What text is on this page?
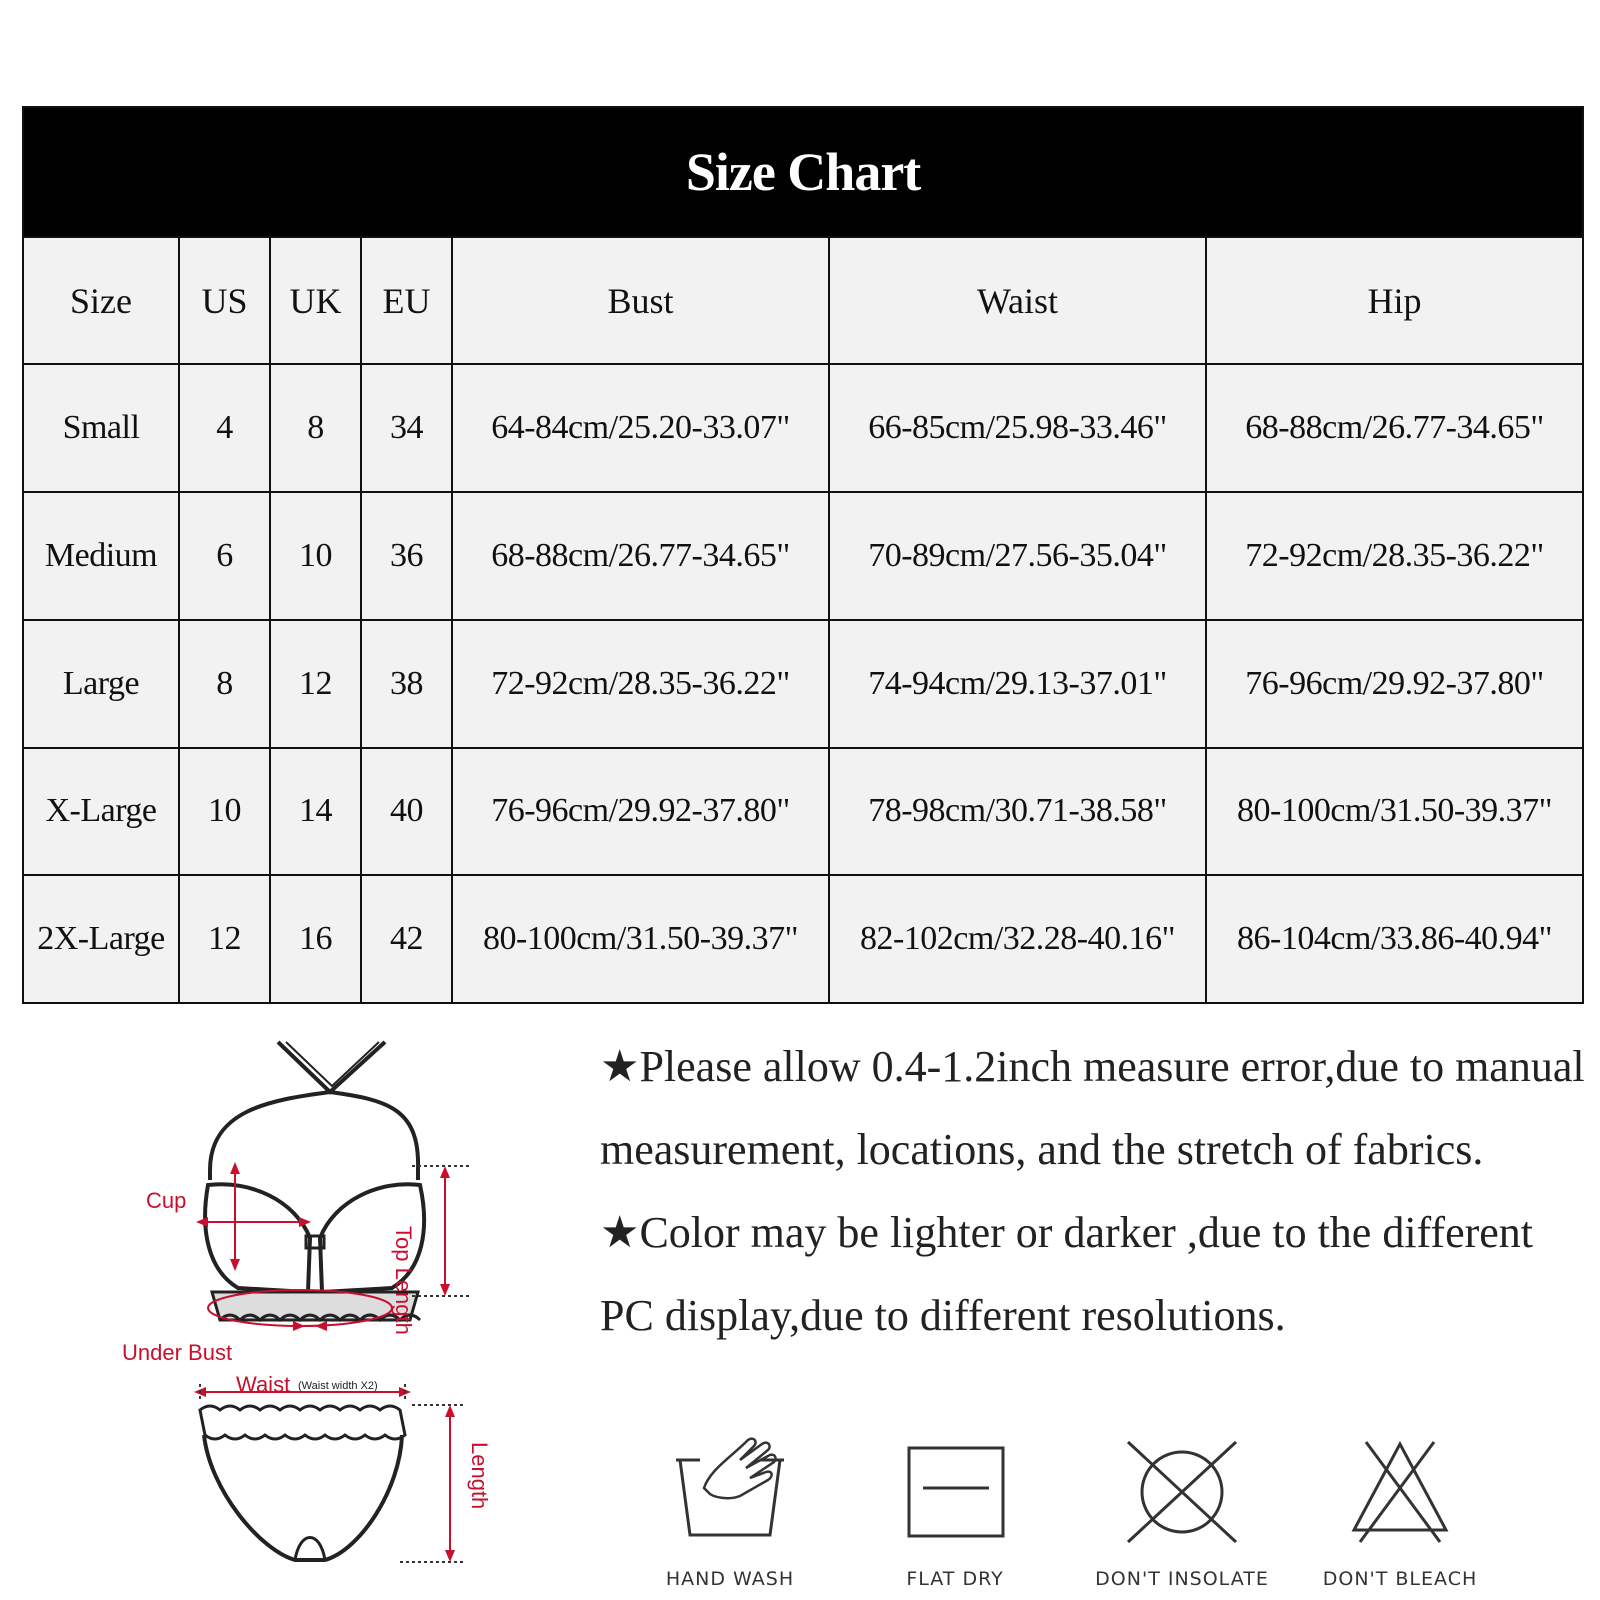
Size Chart						
Size	US	UK	EU	Bust	Waist	Hip
Small	4	8	34	64-84cm/25.20-33.07"	66-85cm/25.98-33.46"	68-88cm/26.77-34.65"
Medium	6	10	36	68-88cm/26.77-34.65"	70-89cm/27.56-35.04"	72-92cm/28.35-36.22"
Large	8	12	38	72-92cm/28.35-36.22"	74-94cm/29.13-37.01"	76-96cm/29.92-37.80"
X-Large	10	14	40	76-96cm/29.92-37.80"	78-98cm/30.71-38.58"	80-100cm/31.50-39.37"
2X-Large	12	16	42	80-100cm/31.50-39.37"	82-102cm/32.28-40.16"	86-104cm/33.86-40.94"
Cup
Top Length
Under Bust
Waist (Waist width X2)
Length

★Please allow 0.4-1.2inch measure error,due to manual measurement, locations, and the stretch of fabrics.

★Color may be lighter or darker ,due to the different PC display,due to different resolutions.

HAND WASH	FLAT DRY	DON'T INSOLATE	DON'T BLEACH
